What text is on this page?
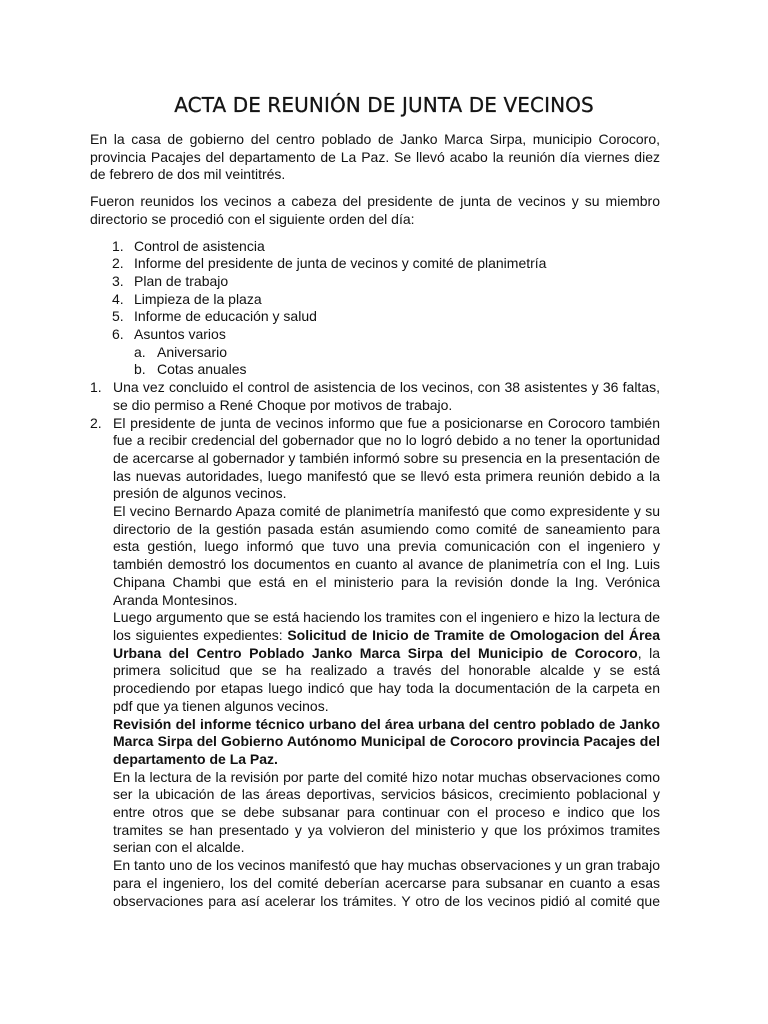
ACTA DE REUNIÓN DE JUNTA DE VECINOS

En la casa de gobierno del centro poblado de Janko Marca Sirpa, municipio Corocoro, provincia Pacajes del departamento de La Paz. Se llevó acabo la reunión día viernes diez de febrero de dos mil veintitrés.

Fueron reunidos los vecinos a cabeza del presidente de junta de vecinos y su miembro directorio se procedió con el siguiente orden del día:

1. Control de asistencia
2. Informe del presidente de junta de vecinos y comité de planimetría
3. Plan de trabajo
4. Limpieza de la plaza
5. Informe de educación y salud
6. Asuntos varios
a. Aniversario
b. Cotas anuales
1. Una vez concluido el control de asistencia de los vecinos, con 38 asistentes y 36 faltas, se dio permiso a René Choque por motivos de trabajo.

2. El presidente de junta de vecinos informo que fue a posicionarse en Corocoro también fue a recibir credencial del gobernador que no lo logró debido a no tener la oportunidad de acercarse al gobernador y también informó sobre su presencia en la presentación de las nuevas autoridades, luego manifestó que se llevó esta primera reunión debido a la presión de algunos vecinos.

El vecino Bernardo Apaza comité de planimetría manifestó que como expresidente y su directorio de la gestión pasada están asumiendo como comité de saneamiento para esta gestión, luego informó que tuvo una previa comunicación con el ingeniero y también demostró los documentos en cuanto al avance de planimetría con el Ing. Luis Chipana Chambi que está en el ministerio para la revisión donde la Ing. Verónica Aranda Montesinos.

Luego argumento que se está haciendo los tramites con el ingeniero e hizo la lectura de los siguientes expedientes: Solicitud de Inicio de Tramite de Omologacion del Área Urbana del Centro Poblado Janko Marca Sirpa del Municipio de Corocoro, la primera solicitud que se ha realizado a través del honorable alcalde y se está procediendo por etapas luego indicó que hay toda la documentación de la carpeta en pdf que ya tienen algunos vecinos.

Revisión del informe técnico urbano del área urbana del centro poblado de Janko Marca Sirpa del Gobierno Autónomo Municipal de Corocoro provincia Pacajes del departamento de La Paz.

En la lectura de la revisión por parte del comité hizo notar muchas observaciones como ser la ubicación de las áreas deportivas, servicios básicos, crecimiento poblacional y entre otros que se debe subsanar para continuar con el proceso e indico que los tramites se han presentado y ya volvieron del ministerio y que los próximos tramites serian con el alcalde.

En tanto uno de los vecinos manifestó que hay muchas observaciones y un gran trabajo para el ingeniero, los del comité deberían acercarse para subsanar en cuanto a esas observaciones para así acelerar los trámites. Y otro de los vecinos pidió al comité que
